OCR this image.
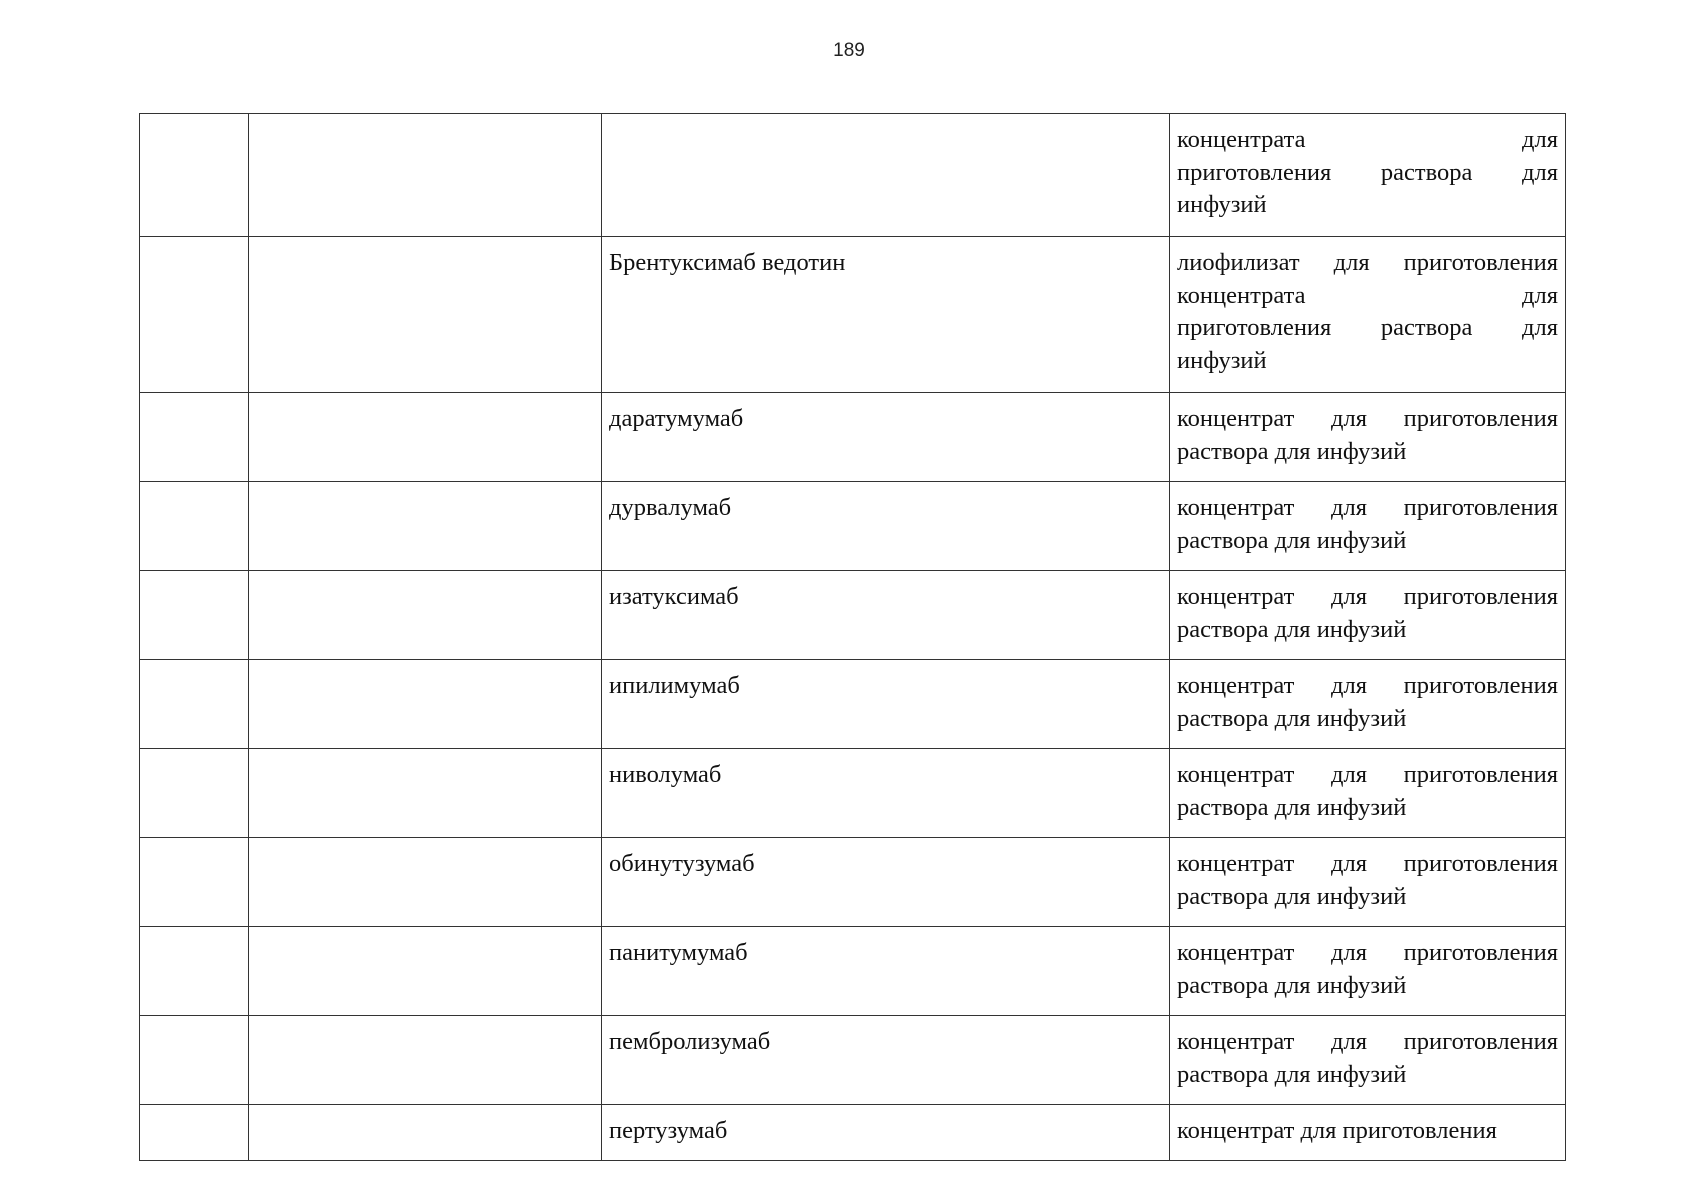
189

			концентрата для
приготовления раствора для
инфузий

		Брентуксимаб ведотин	лиофилизат для приготовления
концентрата для
приготовления раствора для
инфузий

		даратумумаб	концентрат для приготовления
раствора для инфузий

		дурвалумаб	концентрат для приготовления
раствора для инфузий

		изатуксимаб	концентрат для приготовления
раствора для инфузий

		ипилимумаб	концентрат для приготовления
раствора для инфузий

		ниволумаб	концентрат для приготовления
раствора для инфузий

		обинутузумаб	концентрат для приготовления
раствора для инфузий

		панитумумаб	концентрат для приготовления
раствора для инфузий

		пембролизумаб	концентрат для приготовления
раствора для инфузий

		пертузумаб	концентрат для приготовления
